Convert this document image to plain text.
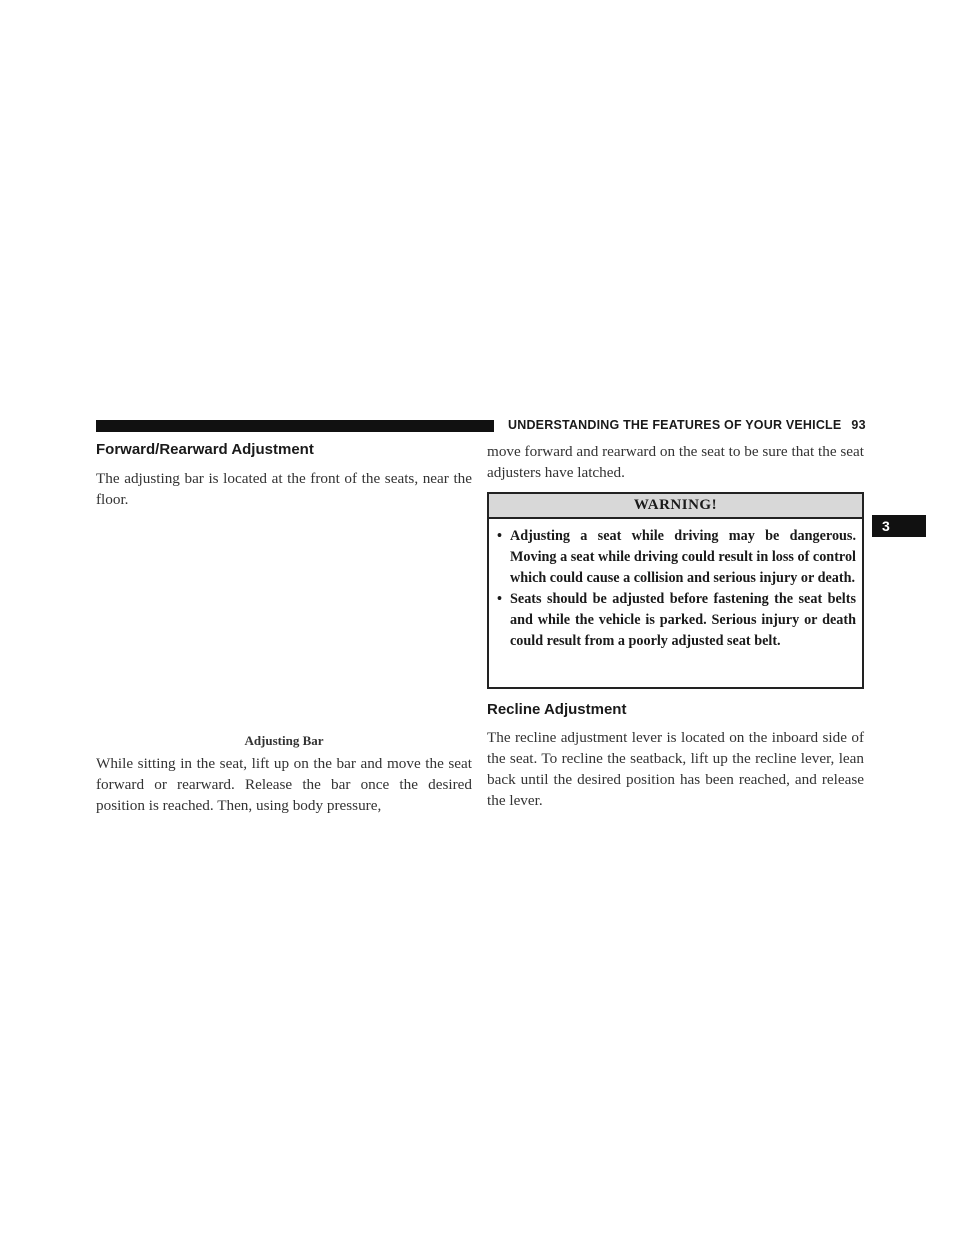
UNDERSTANDING THE FEATURES OF YOUR VEHICLE 93
3
Forward/Rearward Adjustment

The adjusting bar is located at the front of the seats, near the floor.

Adjusting Bar

While sitting in the seat, lift up on the bar and move the seat forward or rearward. Release the bar once the desired position is reached. Then, using body pressure,

move forward and rearward on the seat to be sure that the seat adjusters have latched.

WARNING!
• Adjusting a seat while driving may be dangerous. Moving a seat while driving could result in loss of control which could cause a collision and serious injury or death.
• Seats should be adjusted before fastening the seat belts and while the vehicle is parked. Serious injury or death could result from a poorly adjusted seat belt.
Recline Adjustment

The recline adjustment lever is located on the inboard side of the seat. To recline the seatback, lift up the recline lever, lean back until the desired position has been reached, and release the lever.
